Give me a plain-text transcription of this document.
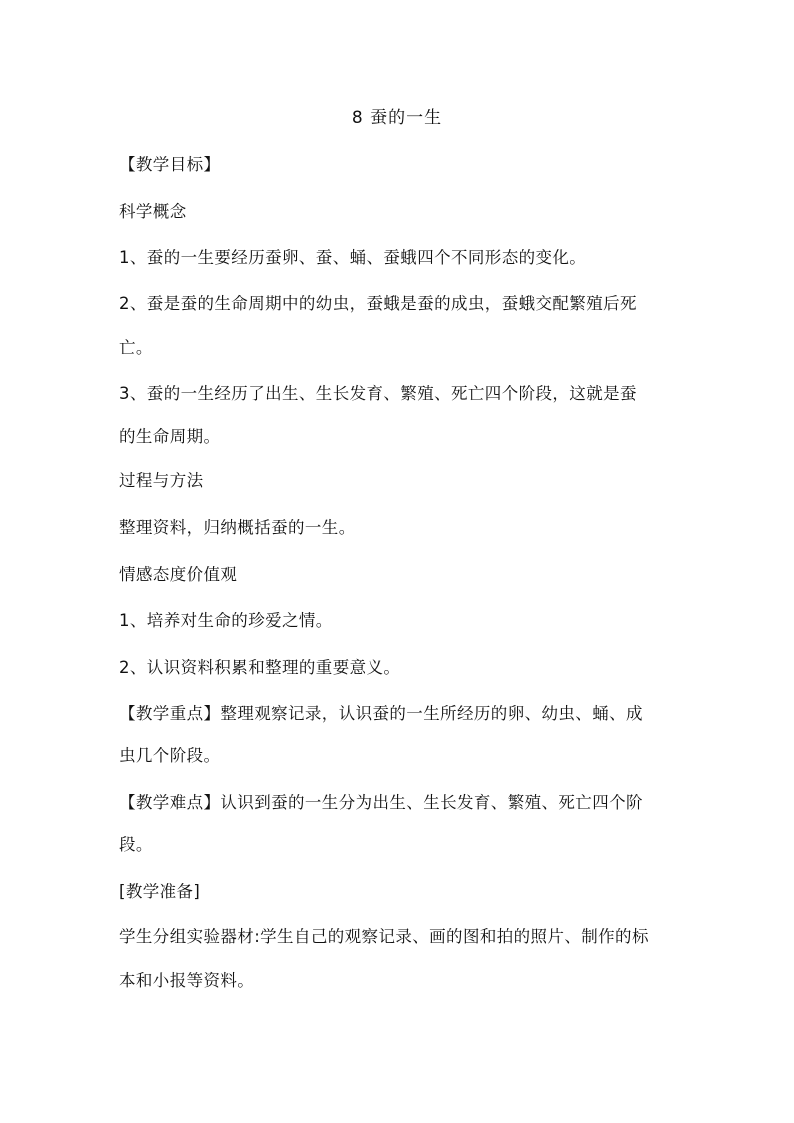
8 蚕的一生
【教学目标】
科学概念
1、蚕的一生要经历蚕卵、蚕、蛹、蚕蛾四个不同形态的变化。
2、蚕是蚕的生命周期中的幼虫，蚕蛾是蚕的成虫，蚕蛾交配繁殖后死
亡。
3、蚕的一生经历了出生、生长发育、繁殖、死亡四个阶段，这就是蚕
的生命周期。
过程与方法
整理资料，归纳概括蚕的一生。
情感态度价值观
1、培养对生命的珍爱之情。
2、认识资料积累和整理的重要意义。
【教学重点】整理观察记录，认识蚕的一生所经历的卵、幼虫、蛹、成
虫几个阶段。
【教学难点】认识到蚕的一生分为出生、生长发育、繁殖、死亡四个阶
段。
[教学准备]
学生分组实验器材:学生自己的观察记录、画的图和拍的照片、制作的标
本和小报等资料。
